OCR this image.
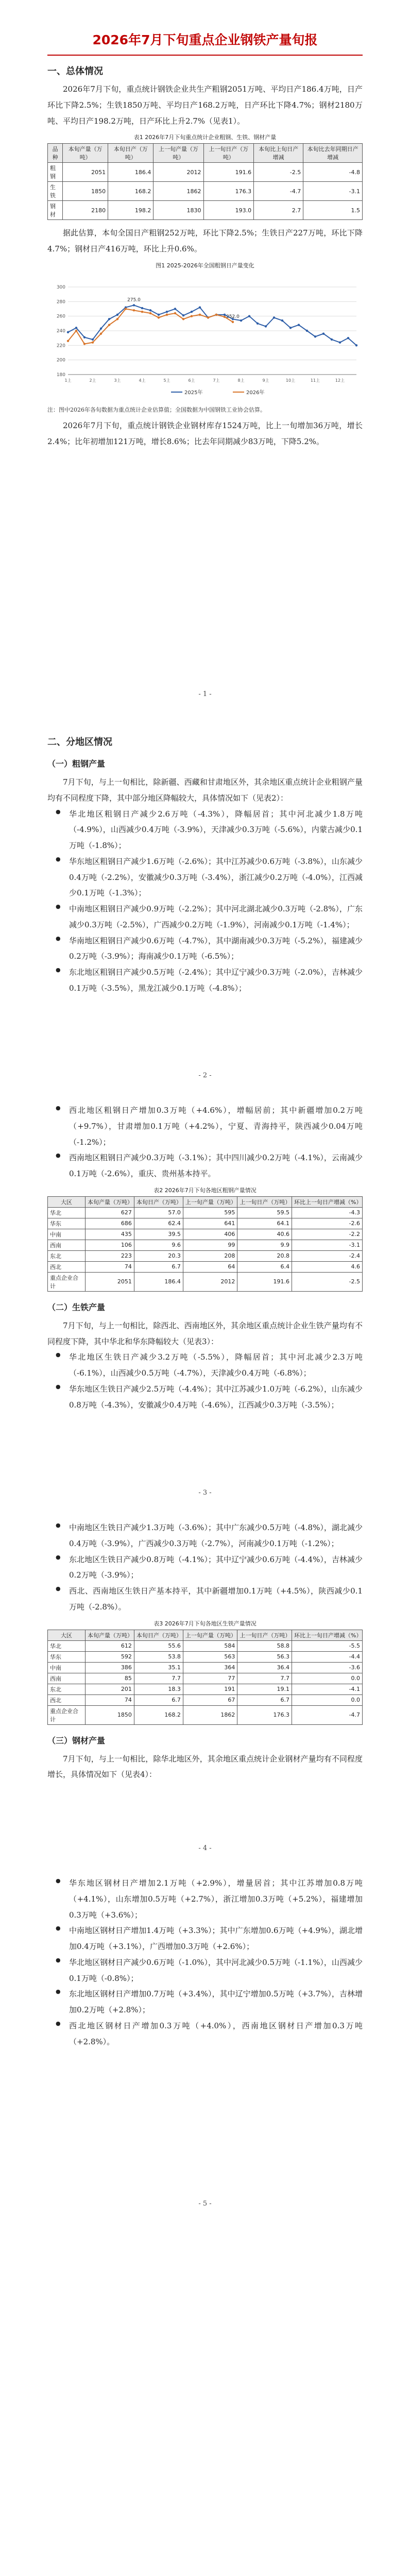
2026年7月下旬重点企业钢铁产量旬报
一、总体情况

2026年7月下旬，重点统计钢铁企业共生产粗钢2051万吨、平均日产186.4万吨，日产环比下降2.5%；生铁1850万吨、平均日产168.2万吨，日产环比下降4.7%；钢材2180万吨、平均日产198.2万吨，日产环比上升2.7%（见表1）。

表1 2026年7月下旬重点统计企业粗钢、生铁、钢材产量
品种	本旬产量（万吨）	本旬日产（万吨）	上一旬产量（万吨）	上一旬日产（万吨）	本旬比上旬日产增减	本旬比去年同期日产增减
粗钢	2051	186.4	2012	191.6	-2.5	-4.8
生铁	1850	168.2	1862	176.3	-4.7	-3.1
钢材	2180	198.2	1830	193.0	2.7	1.5

据此估算，本旬全国日产粗钢252万吨，环比下降2.5%；生铁日产227万吨，环比下降4.7%；钢材日产416万吨，环比上升0.6%。

图1 2025-2026年全国粗钢日产量变化
180
200
220
240
260
280
300
1上	2上	3上	4上	5上	6上	7上	8上	9上	10上	11上	12上
2025年	2026年
275.0
252.0

注：图中2026年各旬数据为重点统计企业估算值；全国数据为中国钢铁工业协会估算。

2026年7月下旬，重点统计钢铁企业钢材库存1524万吨，比上一旬增加36万吨，增长2.4%；比年初增加121万吨，增长8.6%；比去年同期减少83万吨，下降5.2%。

- 1 -
二、分地区情况
（一）粗钢产量

7月下旬，与上一旬相比，除新疆、西藏和甘肃地区外，其余地区重点统计企业粗钢产量均有不同程度下降，其中部分地区降幅较大，具体情况如下（见表2）：

● 华北地区粗钢日产减少2.6万吨（-4.3%），降幅居首；其中河北减少1.8万吨（-4.9%），山西减少0.4万吨（-3.9%），天津减少0.3万吨（-5.6%），内蒙古减少0.1万吨（-1.8%）；

● 华东地区粗钢日产减少1.6万吨（-2.6%）；其中江苏减少0.6万吨（-3.8%），山东减少0.4万吨（-2.2%），安徽减少0.3万吨（-3.4%），浙江减少0.2万吨（-4.0%），江西减少0.1万吨（-1.3%）；

● 中南地区粗钢日产减少0.9万吨（-2.2%）；其中河北湖北减少0.3万吨（-2.8%），广东减少0.3万吨（-2.5%），广西减少0.2万吨（-1.9%），河南减少0.1万吨（-1.4%）；

● 华南地区粗钢日产减少0.6万吨（-4.7%），其中湖南减少0.3万吨（-5.2%），福建减少0.2万吨（-3.9%）；海南减少0.1万吨（-6.5%）；

● 东北地区粗钢日产减少0.5万吨（-2.4%）；其中辽宁减少0.3万吨（-2.0%），吉林减少0.1万吨（-3.5%），黑龙江减少0.1万吨（-4.8%）；

- 2 -

● 西北地区粗钢日产增加0.3万吨（+4.6%），增幅居前；其中新疆增加0.2万吨（+9.7%），甘肃增加0.1万吨（+4.2%），宁夏、青海持平，陕西减少0.04万吨（-1.2%）；

● 西南地区粗钢日产减少0.3万吨（-3.1%）；其中四川减少0.2万吨（-4.1%），云南减少0.1万吨（-2.6%），重庆、贵州基本持平。

表2 2026年7月下旬各地区粗钢产量情况
大区	本旬产量（万吨）	本旬日产（万吨）	上一旬产量（万吨）	上一旬日产（万吨）	环比上一旬日产增减（%）
华北	627	57.0	595	59.5	-4.3
华东	686	62.4	641	64.1	-2.6
中南	435	39.5	406	40.6	-2.2
西南	106	9.6	99	9.9	-3.1
东北	223	20.3	208	20.8	-2.4
西北	74	6.7	64	6.4	4.6
重点企业合计	2051	186.4	2012	191.6	-2.5
（二）生铁产量

7月下旬，与上一旬相比，除西北、西南地区外，其余地区重点统计企业生铁产量均有不同程度下降，其中华北和华东降幅较大（见表3）：

● 华北地区生铁日产减少3.2万吨（-5.5%），降幅居首；其中河北减少2.3万吨（-6.1%），山西减少0.5万吨（-4.7%），天津减少0.4万吨（-6.8%）；

● 华东地区生铁日产减少2.5万吨（-4.4%）；其中江苏减少1.0万吨（-6.2%），山东减少0.8万吨（-4.3%），安徽减少0.4万吨（-4.6%），江西减少0.3万吨（-3.5%）；

- 3 -

● 中南地区生铁日产减少1.3万吨（-3.6%）；其中广东减少0.5万吨（-4.8%），湖北减少0.4万吨（-3.9%），广西减少0.3万吨（-2.7%），河南减少0.1万吨（-1.2%）；

● 东北地区生铁日产减少0.8万吨（-4.1%）；其中辽宁减少0.6万吨（-4.4%），吉林减少0.2万吨（-3.9%）；

● 西北、西南地区生铁日产基本持平，其中新疆增加0.1万吨（+4.5%），陕西减少0.1万吨（-2.8%）。

表3 2026年7月下旬各地区生铁产量情况
大区	本旬产量（万吨）	本旬日产（万吨）	上一旬产量（万吨）	上一旬日产（万吨）	环比上一旬日产增减（%）
华北	612	55.6	584	58.8	-5.5
华东	592	53.8	563	56.3	-4.4
中南	386	35.1	364	36.4	-3.6
西南	85	7.7	77	7.7	0.0
东北	201	18.3	191	19.1	-4.1
西北	74	6.7	67	6.7	0.0
重点企业合计	1850	168.2	1862	176.3	-4.7
（三）钢材产量

7月下旬，与上一旬相比，除华北地区外，其余地区重点统计企业钢材产量均有不同程度增长，具体情况如下（见表4）：

- 4 -

● 华东地区钢材日产增加2.1万吨（+2.9%），增量居首；其中江苏增加0.8万吨（+4.1%），山东增加0.5万吨（+2.7%），浙江增加0.3万吨（+5.2%），福建增加0.3万吨（+3.6%）；

● 中南地区钢材日产增加1.4万吨（+3.3%）；其中广东增加0.6万吨（+4.9%），湖北增加0.4万吨（+3.1%），广西增加0.3万吨（+2.6%）；

● 华北地区钢材日产减少0.6万吨（-1.0%），其中河北减少0.5万吨（-1.1%），山西减少0.1万吨（-0.8%）；

● 东北地区钢材日产增加0.7万吨（+3.4%），其中辽宁增加0.5万吨（+3.7%），吉林增加0.2万吨（+2.8%）；

● 西北地区钢材日产增加0.3万吨（+4.0%），西南地区钢材日产增加0.3万吨（+2.8%）。

- 5 -
